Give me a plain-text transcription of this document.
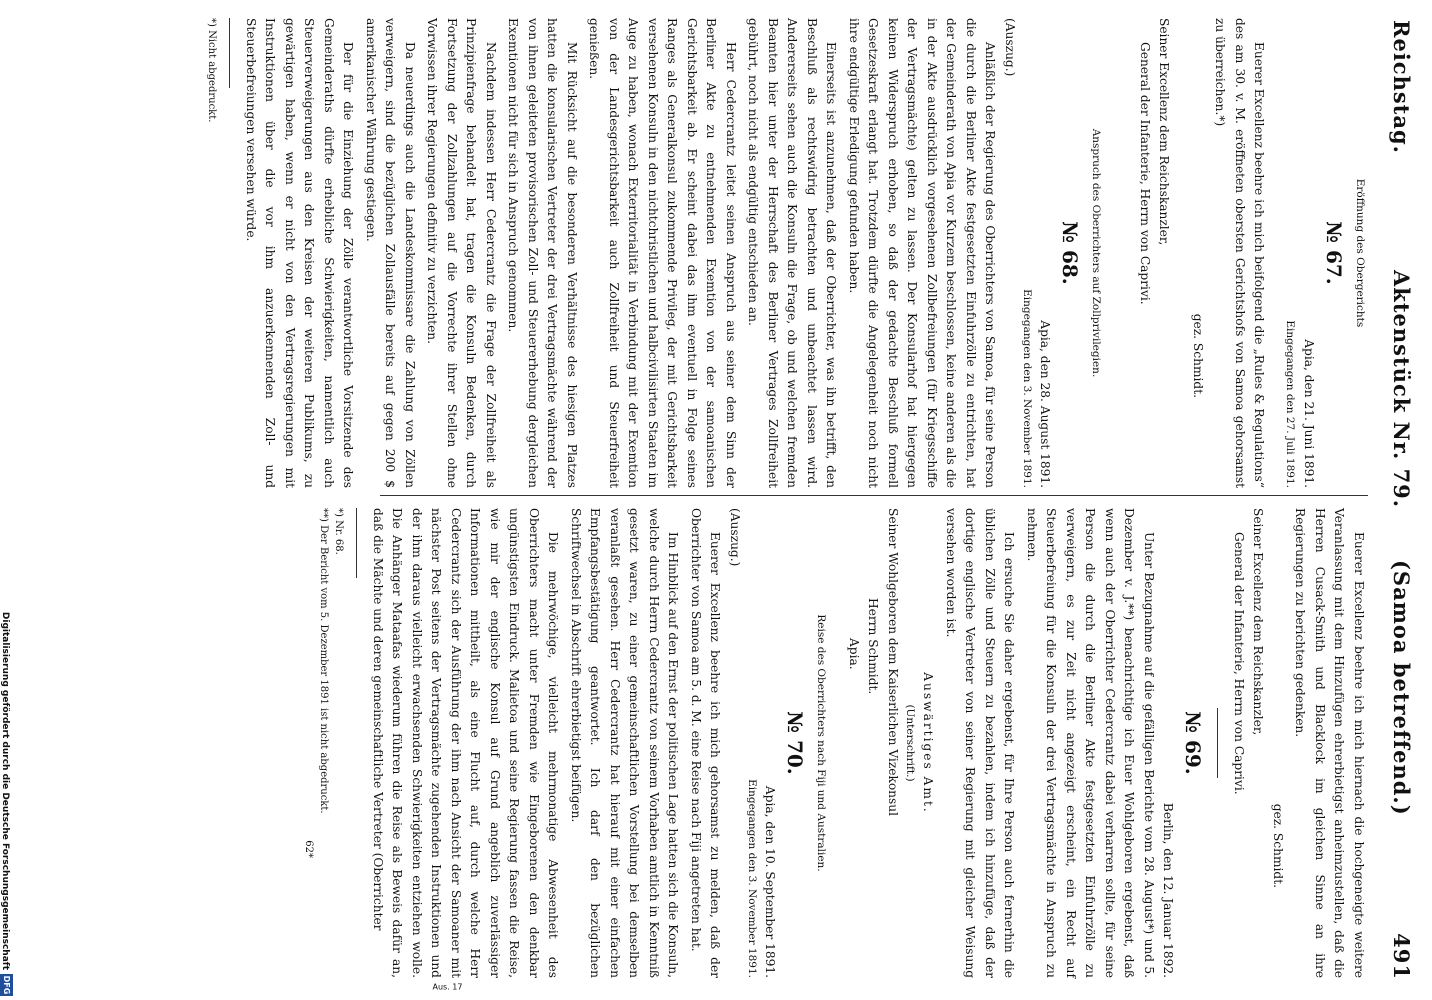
Reichstag.
Aktenstück Nr. 79.
(Samoa betreffend.)
491
Eröffnung des Obergerichts
№ 67.
Apia, den 21. Juni 1891.
Eingegangen den 27. Juli 1891.

Euerer Excellenz beehre ich mich beifolgend die „Rules & Regulations“ des am 30. v. M. eröffneten obersten Gerichtshofs von Samoa gehorsamst zu überreichen.*)

gez. Schmidt.
Seiner Excellenz dem Reichskanzler,
General der Infanterie, Herrn von Caprivi.
Anspruch des Oberrichters auf Zollprivilegien.
№ 68.
Apia, den 28. August 1891.
Eingegangen den 3. November 1891.
(Auszug.)

Anläßlich der Regierung des Oberrichters von Samoa, für seine Person die durch die Berliner Akte festgesetzten Einfuhrzölle zu entrichten, hat der Gemeinderath von Apia vor Kurzem beschlossen, keine anderen als die in der Akte ausdrücklich vorgesehenen Zollbefreiungen (für Kriegsschiffe der Vertragsmächte) gelten zu lassen. Der Konsularhof hat hiergegen keinen Widerspruch erhoben, so daß der gedachte Beschluß formell Gesetzeskraft erlangt hat. Trotzdem dürfte die Angelegenheit noch nicht ihre endgültige Erledigung gefunden haben.

Einerseits ist anzunehmen, daß der Oberrichter, was ihn betrifft, den Beschluß als rechtswidrig betrachten und unbeachtet lassen wird. Andererseits sehen auch die Konsuln die Frage, ob und welchen fremden Beamten hier unter der Herrschaft des Berliner Vertrages Zollfreiheit gebührt, noch nicht als endgültig entschieden an.

Herr Cedercrantz leitet seinen Anspruch aus seiner dem Sinn der Berliner Akte zu entnehmenden Exemtion von der samoanischen Gerichtsbarkeit ab. Er scheint dabei das ihm eventuell in Folge seines Ranges als Generalkonsul zukommende Privileg, der mit Gerichtsbarkeit versehenen Konsuln in den nichtchristlichen und halbcivilisirten Staaten im Auge zu haben, wonach Exterritorialität in Verbindung mit der Exemtion von der Landesgerichtsbarkeit auch Zollfreiheit und Steuerfreiheit genießen.

Mit Rücksicht auf die besonderen Verhältnisse des hiesigen Platzes hatten die konsularischen Vertreter der drei Vertragsmächte während der von ihnen geleiteten provisorischen Zoll- und Steuererhebung dergleichen Exemtionen nicht für sich in Anspruch genommen.

Nachdem indessen Herr Cedercrantz die Frage der Zollfreiheit als Prinzipienfrage behandelt hat, tragen die Konsuln Bedenken, durch Fortsetzung der Zollzahlungen auf die Vorrechte ihrer Stellen ohne Vorwissen ihrer Regierungen definitiv zu verzichten.

Da neuerdings auch die Landeskommissare die Zahlung von Zöllen verweigern, sind die bezüglichen Zollausfälle bereits auf gegen 200 $ amerikanischer Währung gestiegen.

Der für die Einziehung der Zölle verantwortliche Vorsitzende des Gemeinderaths dürfte erhebliche Schwierigkeiten, namentlich auch Steuerverweigerungen aus den Kreisen der weiteren Publikums, zu gewärtigen haben, wenn er nicht von den Vertragsregierungen mit Instruktionen über die vor ihm anzuerkennenden Zoll- und Steuerbefreiungen versehen würde.

*) Nicht abgedruckt.

Euerer Excellenz beehre ich mich hiernach die hochgeneigte weitere Veranlassung mit dem Hinzufügen ehrerbietigst anheimzustellen, daß die Herren Cusack-Smith und Blacklock im gleichen Sinne an ihre Regierungen zu berichten gedenken.

gez. Schmidt.
Seiner Excellenz dem Reichskanzler,
General der Infanterie, Herrn von Caprivi.
№ 69.
Berlin, den 12. Januar 1892.

Unter Bezugnahme auf die gefälligen Berichte vom 28. August*) und 5. Dezember v. J.**) benachrichtige ich Euer Wohlgeboren ergebenst, daß wenn auch der Oberrichter Cedercrantz dabei verharren sollte, für seine Person die durch die Berliner Akte festgesetzten Einfuhrzölle zu verweigern, es zur Zeit nicht angezeigt erscheint, ein Recht auf Steuerbefreiung für die Konsuln der drei Vertragsmächte in Anspruch zu nehmen.

Ich ersuche Sie daher ergebenst, für Ihre Person auch fernerhin die üblichen Zölle und Steuern zu bezahlen, indem ich hinzufüge, daß der dortige englische Vertreter von seiner Regierung mit gleicher Weisung versehen worden ist.

Auswärtiges Amt.
(Unterschrift.)
Seiner Wohlgeboren dem Kaiserlichen Vizekonsul
Herrn Schmidt.
Apia.
Reise des Oberrichters nach Fiji und Australien.
№ 70.
Apia, den 10. September 1891.
Eingegangen den 3. November 1891.
(Auszug.)

Euerer Excellenz beehre ich mich gehorsamst zu melden, daß der Oberrichter von Samoa am 5. d. M. eine Reise nach Fiji angetreten hat.

Im Hinblick auf den Ernst der politischen Lage hatten sich die Konsuln, welche durch Herrn Cedercrantz von seinem Vorhaben amtlich in Kenntniß gesetzt waren, zu einer gemeinschaftlichen Vorstellung bei demselben veranlaßt gesehen. Herr Cedercrantz hat hierauf mit einer einfachen Empfangsbestätigung geantwortet. Ich darf den bezüglichen Schriftwechsel in Abschrift ehrerbietigst beifügen.

Die mehrwöchige, vielleicht mehrmonatige Abwesenheit des Oberrichters macht unter Fremden wie Eingeborenen den denkbar ungünstigsten Eindruck. Malietoa und seine Regierung fassen die Reise, wie mir der englische Konsul auf Grund angeblich zuverlässiger Informationen mittheilt, als eine Flucht auf, durch welche Herr Cedercrantz sich der Ausführung der ihm nach Ansicht der Samoaner mit nächster Post seitens der Vertragsmächte zugehenden Instruktionen und der ihm daraus vielleicht erwachsenden Schwierigkeiten entziehen wolle. Die Anhänger Mataafas wiederum führen die Reise als Beweis dafür an, daß die Mächte und deren gemeinschaftliche Vertreter (Oberrichter

*) Nr. 68.
**) Der Bericht vom 5. Dezember 1891 ist nicht abgedruckt.
62*
Aus. 17
Digitalisierung gefördert durch die Deutsche Forschungsgemeinschaft
DFG
